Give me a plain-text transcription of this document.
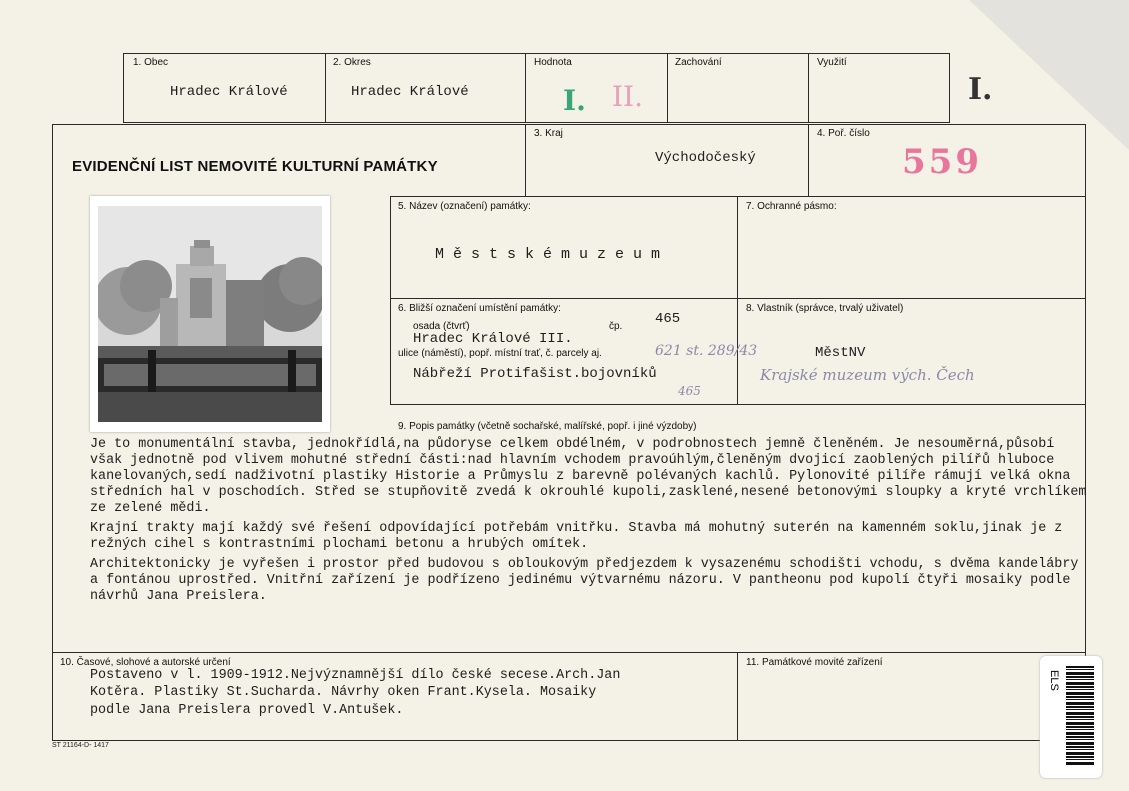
1. Obec
Hradec Králové
2. Okres
Hradec Králové
Hodnota
I. II.
Zachování	Využití
I.
EVIDENČNÍ LIST NEMOVITÉ KULTURNÍ PAMÁTKY
3. Kraj
Východočeský
4. Poř. číslo
559
5. Název (označení) památky:
M ě s t s k é m u z e u m
7. Ochranné pásmo:
6. Bližší označení umístění památky:
osada (čtvrť)
Hradec Králové III.
čp. 465
ulice (náměstí), popř. místní trať, č. parcely aj.	621 st. 289/43
Nábřeží Protifašist.bojovníků
465
8. Vlastník (správce, trvalý uživatel)
MěstNV
Krajské muzeum vých. Čech
9. Popis památky (včetně sochařské, malířské, popř. i jiné výzdoby)

Je to monumentální stavba, jednokřídlá,na půdoryse celkem obdélném, v podrobnostech jemně členěném. Je nesouměrná,působí však jednotně pod vlivem mohutné střední části:nad hlavním vchodem pravoúhlým,členěným dvojicí zaoblených pilířů hluboce kanelovaných,sedí nadživotní plastiky Historie a Průmyslu z barevně polévaných kachlů. Pylonovité pilíře rámují velká okna středních hal v poschodích. Střed se stupňovitě zvedá k okrouhlé kupoli,zasklené,nesené betonovými sloupky a kryté vrchlíkem ze zelené mědi.

Krajní trakty mají každý své řešení odpovídající potřebám vnitřku. Stavba má mohutný suterén na kamenném soklu,jinak je z režných cihel s kontrastními plochami betonu a hrubých omítek.

Architektonicky je vyřešen i prostor před budovou s obloukovým předjezdem k vysazenému schodišti vchodu, s dvěma kandelábry a fontánou uprostřed. Vnitřní zařízení je podřízeno jedinému výtvarnému názoru. V pantheonu pod kupolí čtyři mosaiky podle návrhů Jana Preislera.

10. Časové, slohové a autorské určení
Postaveno v l. 1909-1912.Nejvýznamnější dílo české secese.Arch.Jan
Kotěra. Plastiky St.Sucharda. Návrhy oken Frant.Kysela. Mosaiky
podle Jana Preislera provedl V.Antušek.
11. Památkové movité zařízení
ST 21164-D- 1417
ELS
